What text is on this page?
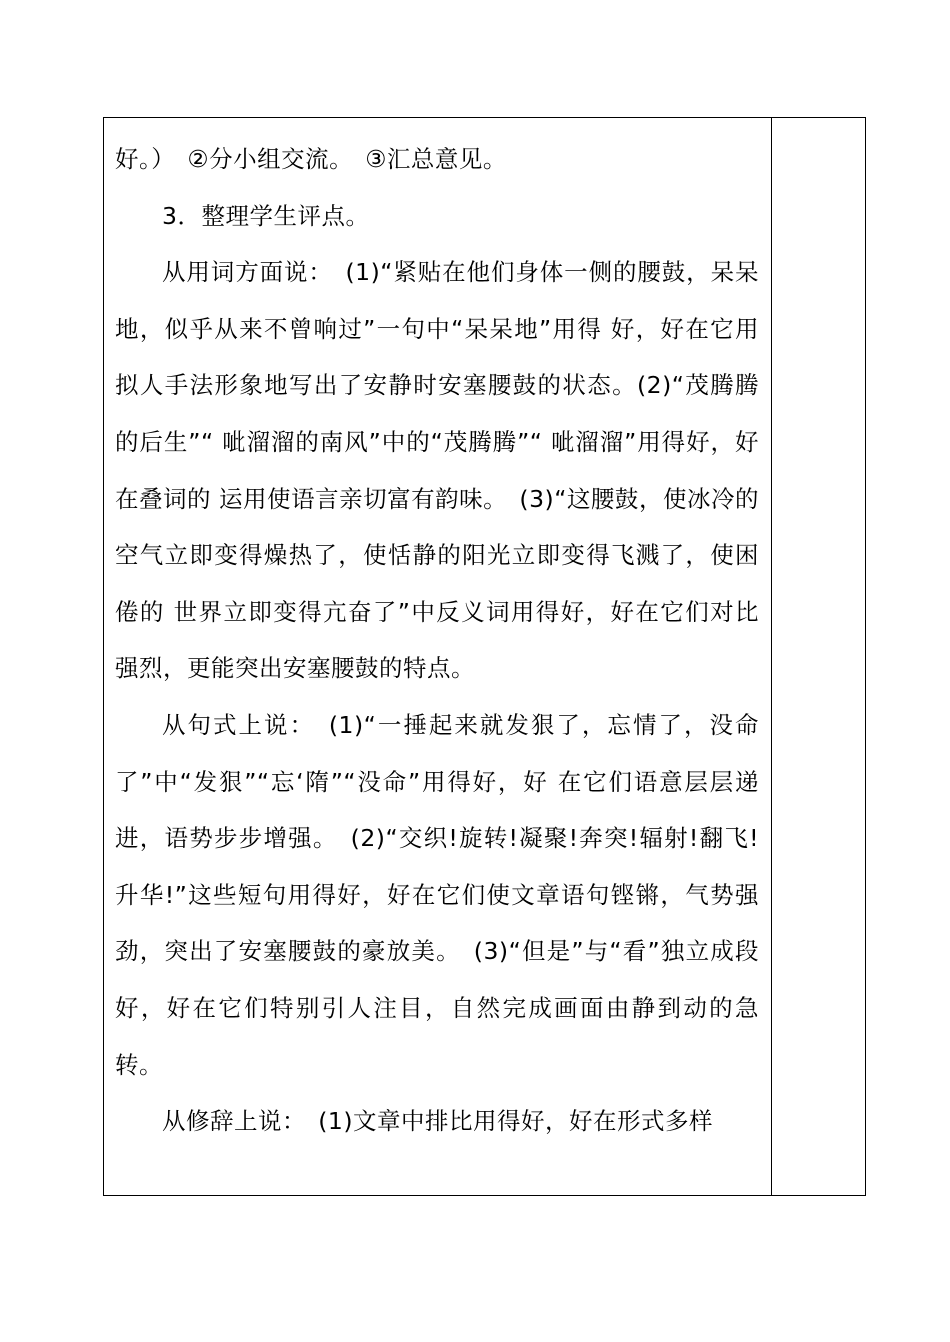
好。）　②分小组交流。　③汇总意见。

3．整理学生评点。

从用词方面说：　(1)“紧贴在他们身体一侧的腰鼓，呆呆地，似乎从来不曾响过”一句中“呆呆地”用得 好，好在它用拟人手法形象地写出了安静时安塞腰鼓的状态。(2)“茂腾腾的后生”“ 呲溜溜的南风”中的“茂腾腾”“ 呲溜溜”用得好，好在叠词的 运用使语言亲切富有韵味。　(3)“这腰鼓，使冰冷的空气立即变得燥热了，使恬静的阳光立即变得飞溅了，使困倦的 世界立即变得亢奋了”中反义词用得好，好在它们对比强烈，更能突出安塞腰鼓的特点。

从句式上说：　(1)“一捶起来就发狠了，忘情了，没命了”中“发狠”“忘‘隋”“没命”用得好，好 在它们语意层层递进，语势步步增强。　(2)“交织!旋转!凝聚!奔突!辐射!翻飞!升华!”这些短句用得好，好在它们使文章语句铿锵，气势强劲，突出了安塞腰鼓的豪放美。　(3)“但是”与“看”独立成段好，好在它们特别引人注目，自然完成画面由静到动的急 转。

从修辞上说：　(1)文章中排比用得好，好在形式多样
